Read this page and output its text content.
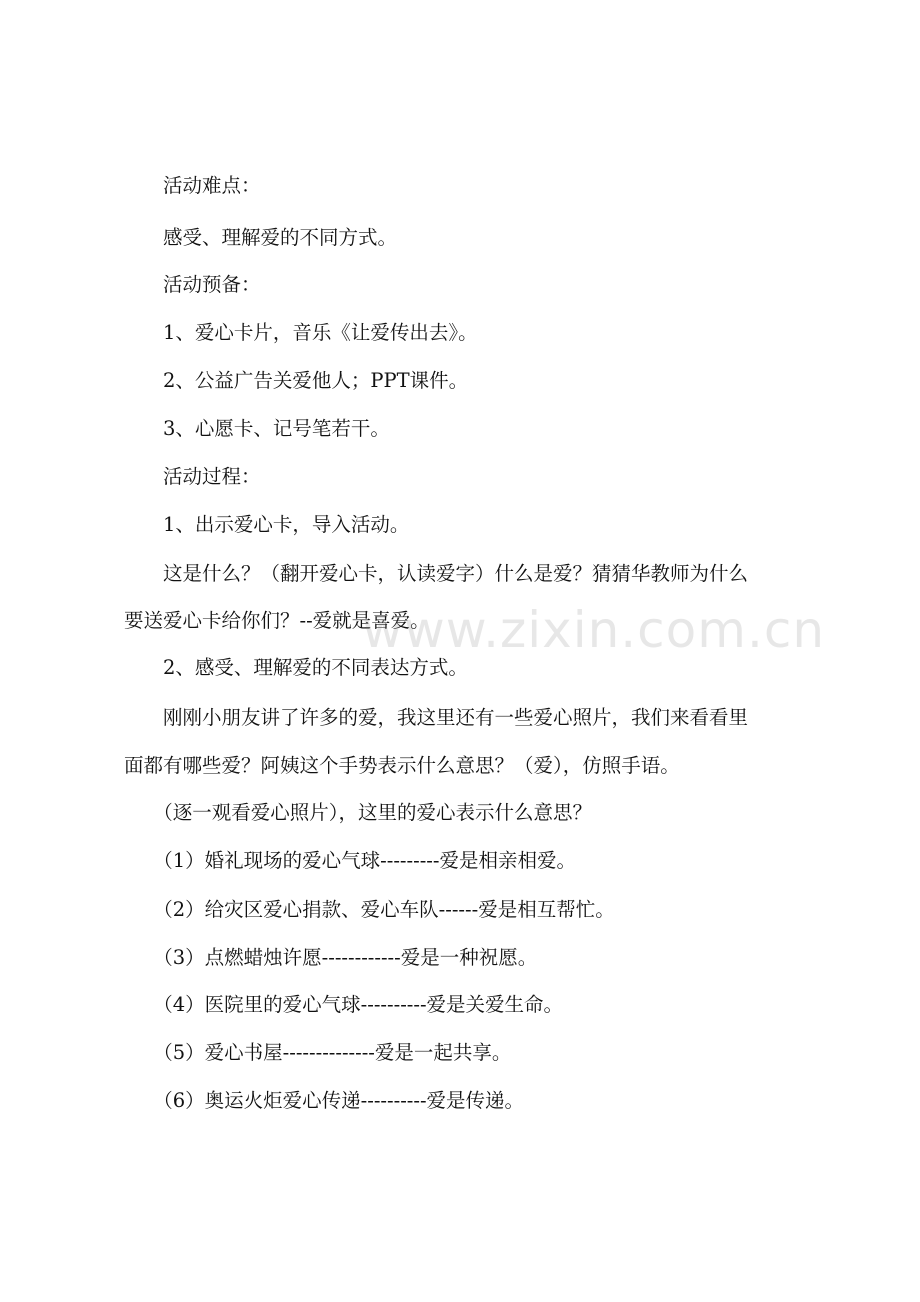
　　活动难点：
　　感受、理解爱的不同方式。
　　活动预备：
　　1、爱心卡片，音乐《让爱传出去》。
　　2、公益广告关爱他人；PPT课件。
　　3、心愿卡、记号笔若干。
　　活动过程：
　　1、出示爱心卡，导入活动。
　　这是什么？（翻开爱心卡，认读爱字）什么是爱？猜猜华教师为什么
要送爱心卡给你们？--爱就是喜爱。
　　2、感受、理解爱的不同表达方式。
　　刚刚小朋友讲了许多的爱，我这里还有一些爱心照片，我们来看看里
面都有哪些爱？阿姨这个手势表示什么意思？（爱），仿照手语。
　　（逐一观看爱心照片），这里的爱心表示什么意思？
　　（1）婚礼现场的爱心气球---------爱是相亲相爱。
　　（2）给灾区爱心捐款、爱心车队------爱是相互帮忙。
　　（3）点燃蜡烛许愿------------爱是一种祝愿。
　　（4）医院里的爱心气球----------爱是关爱生命。
　　（5）爱心书屋--------------爱是一起共享。
　　（6）奥运火炬爱心传递----------爱是传递。
www.zixin.com.cn
